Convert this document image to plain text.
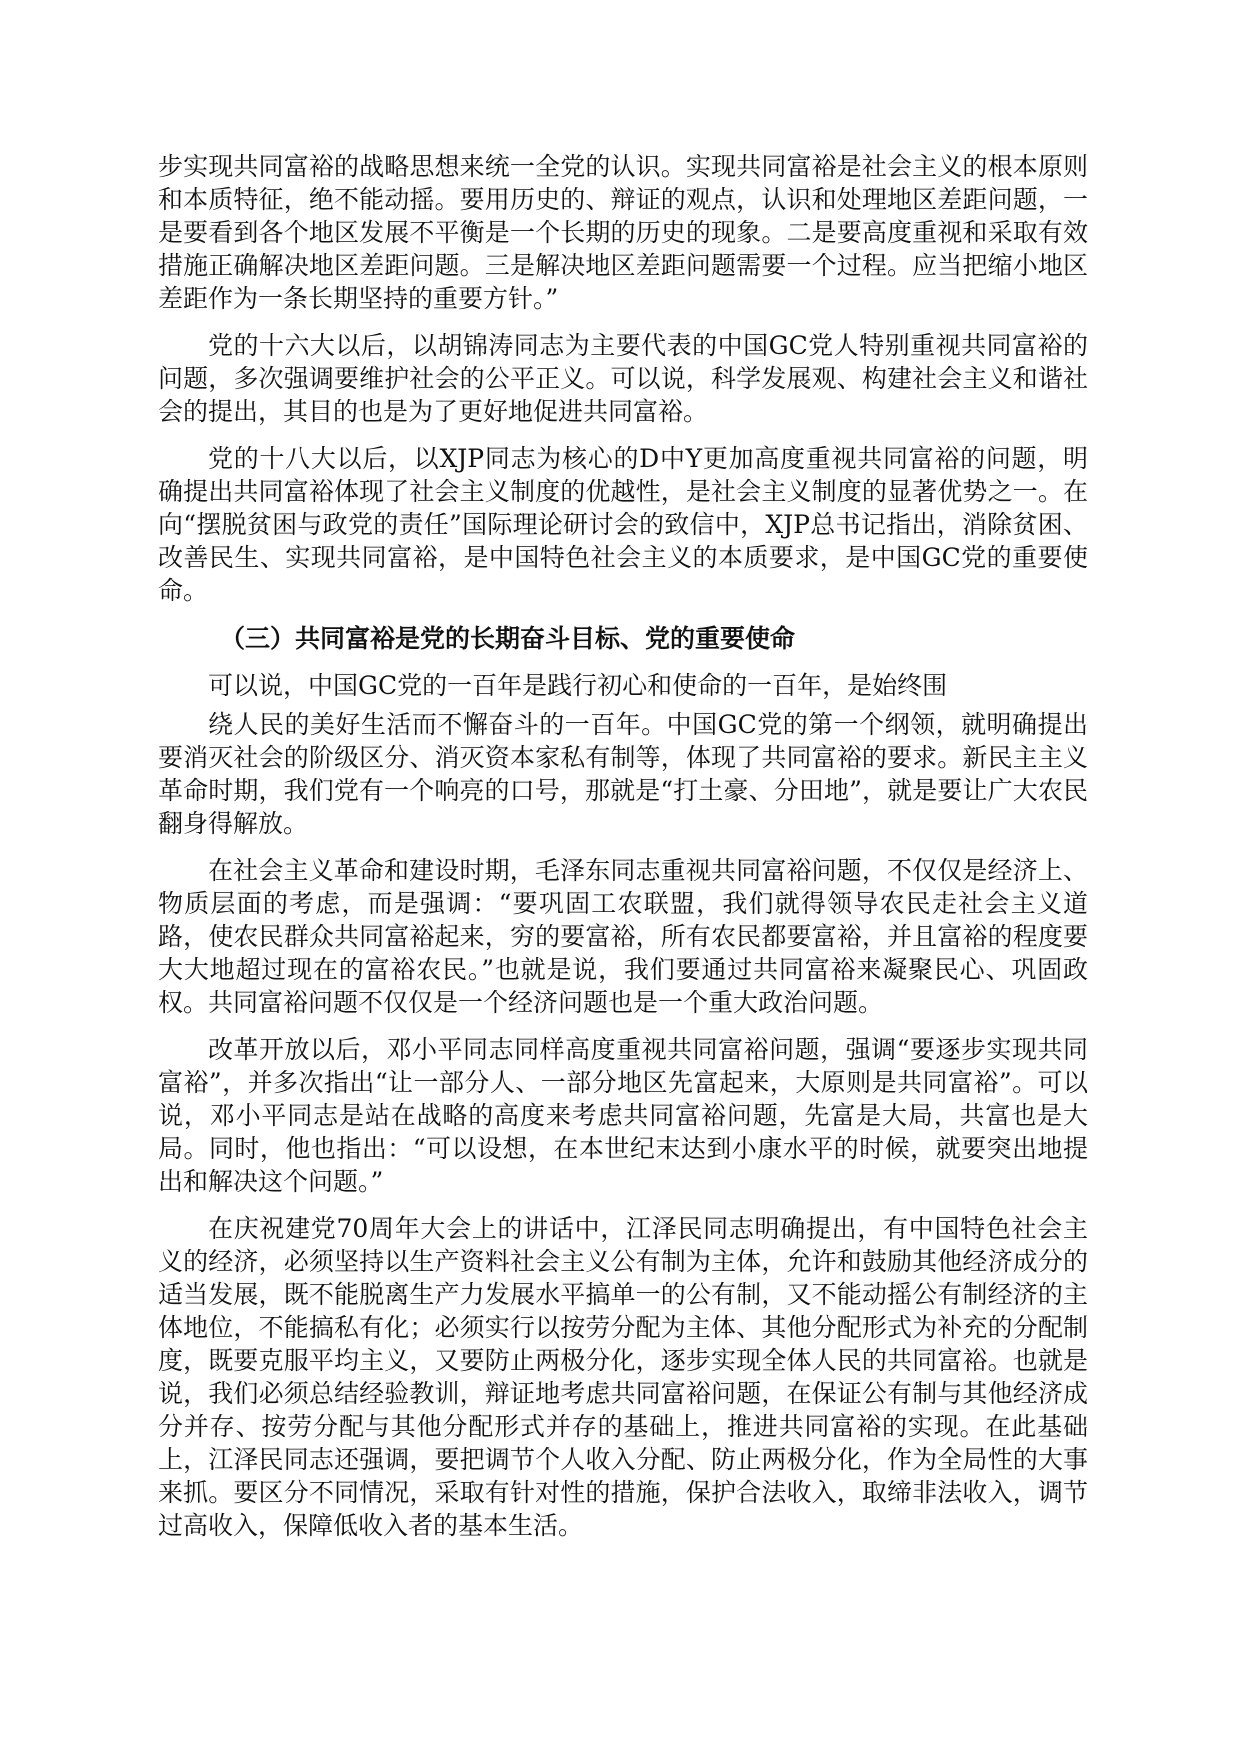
步实现共同富裕的战略思想来统一全党的认识。实现共同富裕是社会主义的根本原则和本质特征，绝不能动摇。要用历史的、辩证的观点，认识和处理地区差距问题，一是要看到各个地区发展不平衡是一个长期的历史的现象。二是要高度重视和采取有效措施正确解决地区差距问题。三是解决地区差距问题需要一个过程。应当把缩小地区差距作为一条长期坚持的重要方针。”

党的十六大以后，以胡锦涛同志为主要代表的中国GC党人特别重视共同富裕的问题，多次强调要维护社会的公平正义。可以说，科学发展观、构建社会主义和谐社会的提出，其目的也是为了更好地促进共同富裕。

党的十八大以后，以XJP同志为核心的D中Y更加高度重视共同富裕的问题，明确提出共同富裕体现了社会主义制度的优越性，是社会主义制度的显著优势之一。在向“摆脱贫困与政党的责任”国际理论研讨会的致信中，XJP总书记指出，消除贫困、改善民生、实现共同富裕，是中国特色社会主义的本质要求，是中国GC党的重要使命。

（三）共同富裕是党的长期奋斗目标、党的重要使命

可以说，中国GC党的一百年是践行初心和使命的一百年，是始终围

绕人民的美好生活而不懈奋斗的一百年。中国GC党的第一个纲领，就明确提出要消灭社会的阶级区分、消灭资本家私有制等，体现了共同富裕的要求。新民主主义革命时期，我们党有一个响亮的口号，那就是“打土豪、分田地”，就是要让广大农民翻身得解放。

在社会主义革命和建设时期，毛泽东同志重视共同富裕问题，不仅仅是经济上、物质层面的考虑，而是强调：“要巩固工农联盟，我们就得领导农民走社会主义道路，使农民群众共同富裕起来，穷的要富裕，所有农民都要富裕，并且富裕的程度要大大地超过现在的富裕农民。”也就是说，我们要通过共同富裕来凝聚民心、巩固政权。共同富裕问题不仅仅是一个经济问题也是一个重大政治问题。

改革开放以后，邓小平同志同样高度重视共同富裕问题，强调“要逐步实现共同富裕”，并多次指出“让一部分人、一部分地区先富起来，大原则是共同富裕”。可以说，邓小平同志是站在战略的高度来考虑共同富裕问题，先富是大局，共富也是大局。同时，他也指出：“可以设想，在本世纪末达到小康水平的时候，就要突出地提出和解决这个问题。”

在庆祝建党70周年大会上的讲话中，江泽民同志明确提出，有中国特色社会主义的经济，必须坚持以生产资料社会主义公有制为主体，允许和鼓励其他经济成分的适当发展，既不能脱离生产力发展水平搞单一的公有制，又不能动摇公有制经济的主体地位，不能搞私有化；必须实行以按劳分配为主体、其他分配形式为补充的分配制度，既要克服平均主义，又要防止两极分化，逐步实现全体人民的共同富裕。也就是说，我们必须总结经验教训，辩证地考虑共同富裕问题，在保证公有制与其他经济成分并存、按劳分配与其他分配形式并存的基础上，推进共同富裕的实现。在此基础上，江泽民同志还强调，要把调节个人收入分配、防止两极分化，作为全局性的大事来抓。要区分不同情况，采取有针对性的措施，保护合法收入，取缔非法收入，调节过高收入，保障低收入者的基本生活。
